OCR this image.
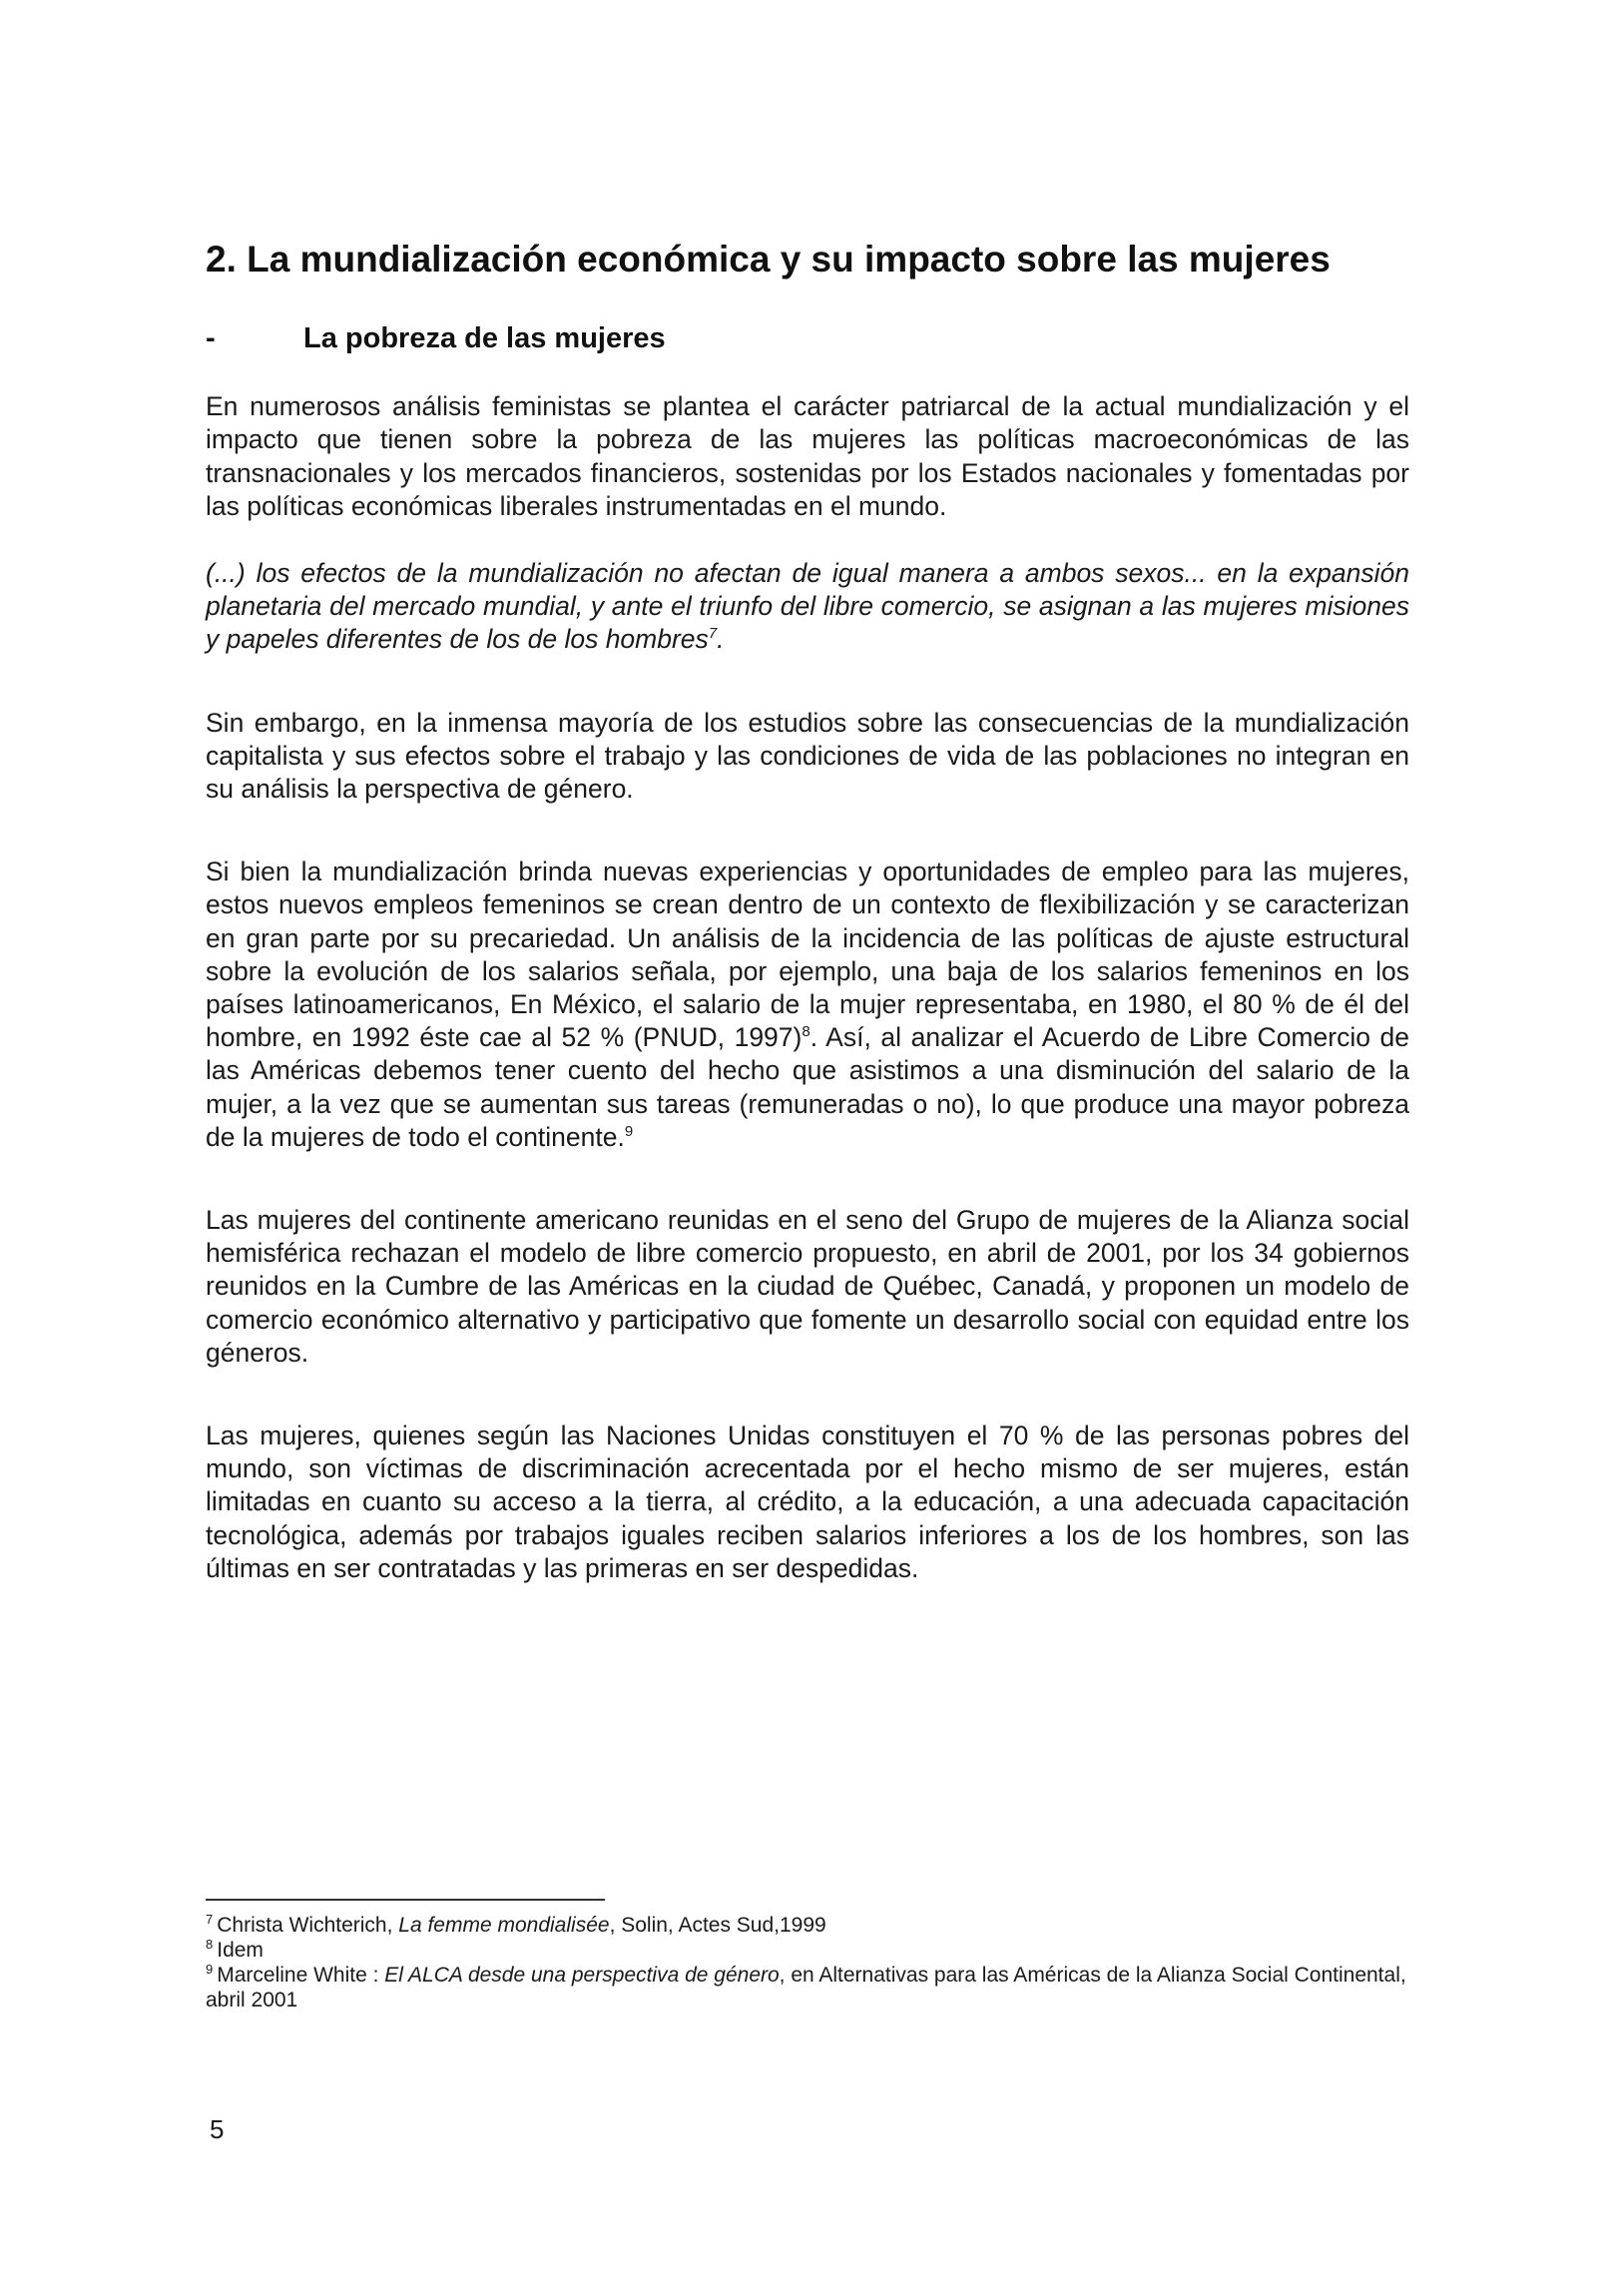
2. La mundialización económica y su impacto sobre las mujeres
-	La pobreza de las mujeres

En numerosos análisis feministas se plantea el carácter patriarcal de la actual mundialización y el impacto que tienen sobre la pobreza de las mujeres las políticas macroeconómicas de las transnacionales y los mercados financieros, sostenidas por los Estados nacionales y fomentadas por las políticas económicas liberales instrumentadas en el mundo.

(...) los efectos de la mundialización no afectan de igual manera a ambos sexos... en la expansión planetaria del mercado mundial, y ante el triunfo del libre comercio, se asignan a las mujeres misiones y papeles diferentes de los de los hombres$^7$.

Sin embargo, en la inmensa mayoría de los estudios sobre las consecuencias de la mundialización capitalista y sus efectos sobre el trabajo y las condiciones de vida de las poblaciones no integran en su análisis la perspectiva de género.

Si bien la mundialización brinda nuevas experiencias y oportunidades de empleo para las mujeres, estos nuevos empleos femeninos se crean dentro de un contexto de flexibilización y se caracterizan en gran parte por su precariedad. Un análisis de la incidencia de las políticas de ajuste estructural sobre la evolución de los salarios señala, por ejemplo, una baja de los salarios femeninos en los países latinoamericanos, En México, el salario de la mujer representaba, en 1980, el 80 % de él del hombre, en 1992 éste cae al 52 % (PNUD, 1997)$^8$. Así, al analizar el Acuerdo de Libre Comercio de las Américas debemos tener cuento del hecho que asistimos a una disminución del salario de la mujer, a la vez que se aumentan sus tareas (remuneradas o no), lo que produce una mayor pobreza de la mujeres de todo el continente.$^9$

Las mujeres del continente americano reunidas en el seno del Grupo de mujeres de la Alianza social hemisférica rechazan el modelo de libre comercio propuesto, en abril de 2001, por los 34 gobiernos reunidos en la Cumbre de las Américas en la ciudad de Québec, Canadá, y proponen un modelo de comercio económico alternativo y participativo que fomente un desarrollo social con equidad entre los géneros.

Las mujeres, quienes según las Naciones Unidas constituyen el 70 % de las personas pobres del mundo, son víctimas de discriminación acrecentada por el hecho mismo de ser mujeres, están limitadas en cuanto su acceso a la tierra, al crédito, a la educación, a una adecuada capacitación tecnológica, además por trabajos iguales reciben salarios inferiores a los de los hombres, son las últimas en ser contratadas y las primeras en ser despedidas.

$^7$ Christa Wichterich, La femme mondialisée, Solin, Actes Sud,1999
$^8$ Idem
$^9$ Marceline White : El ALCA desde una perspectiva de género, en Alternativas para las Américas de la Alianza Social Continental, abril 2001
5
